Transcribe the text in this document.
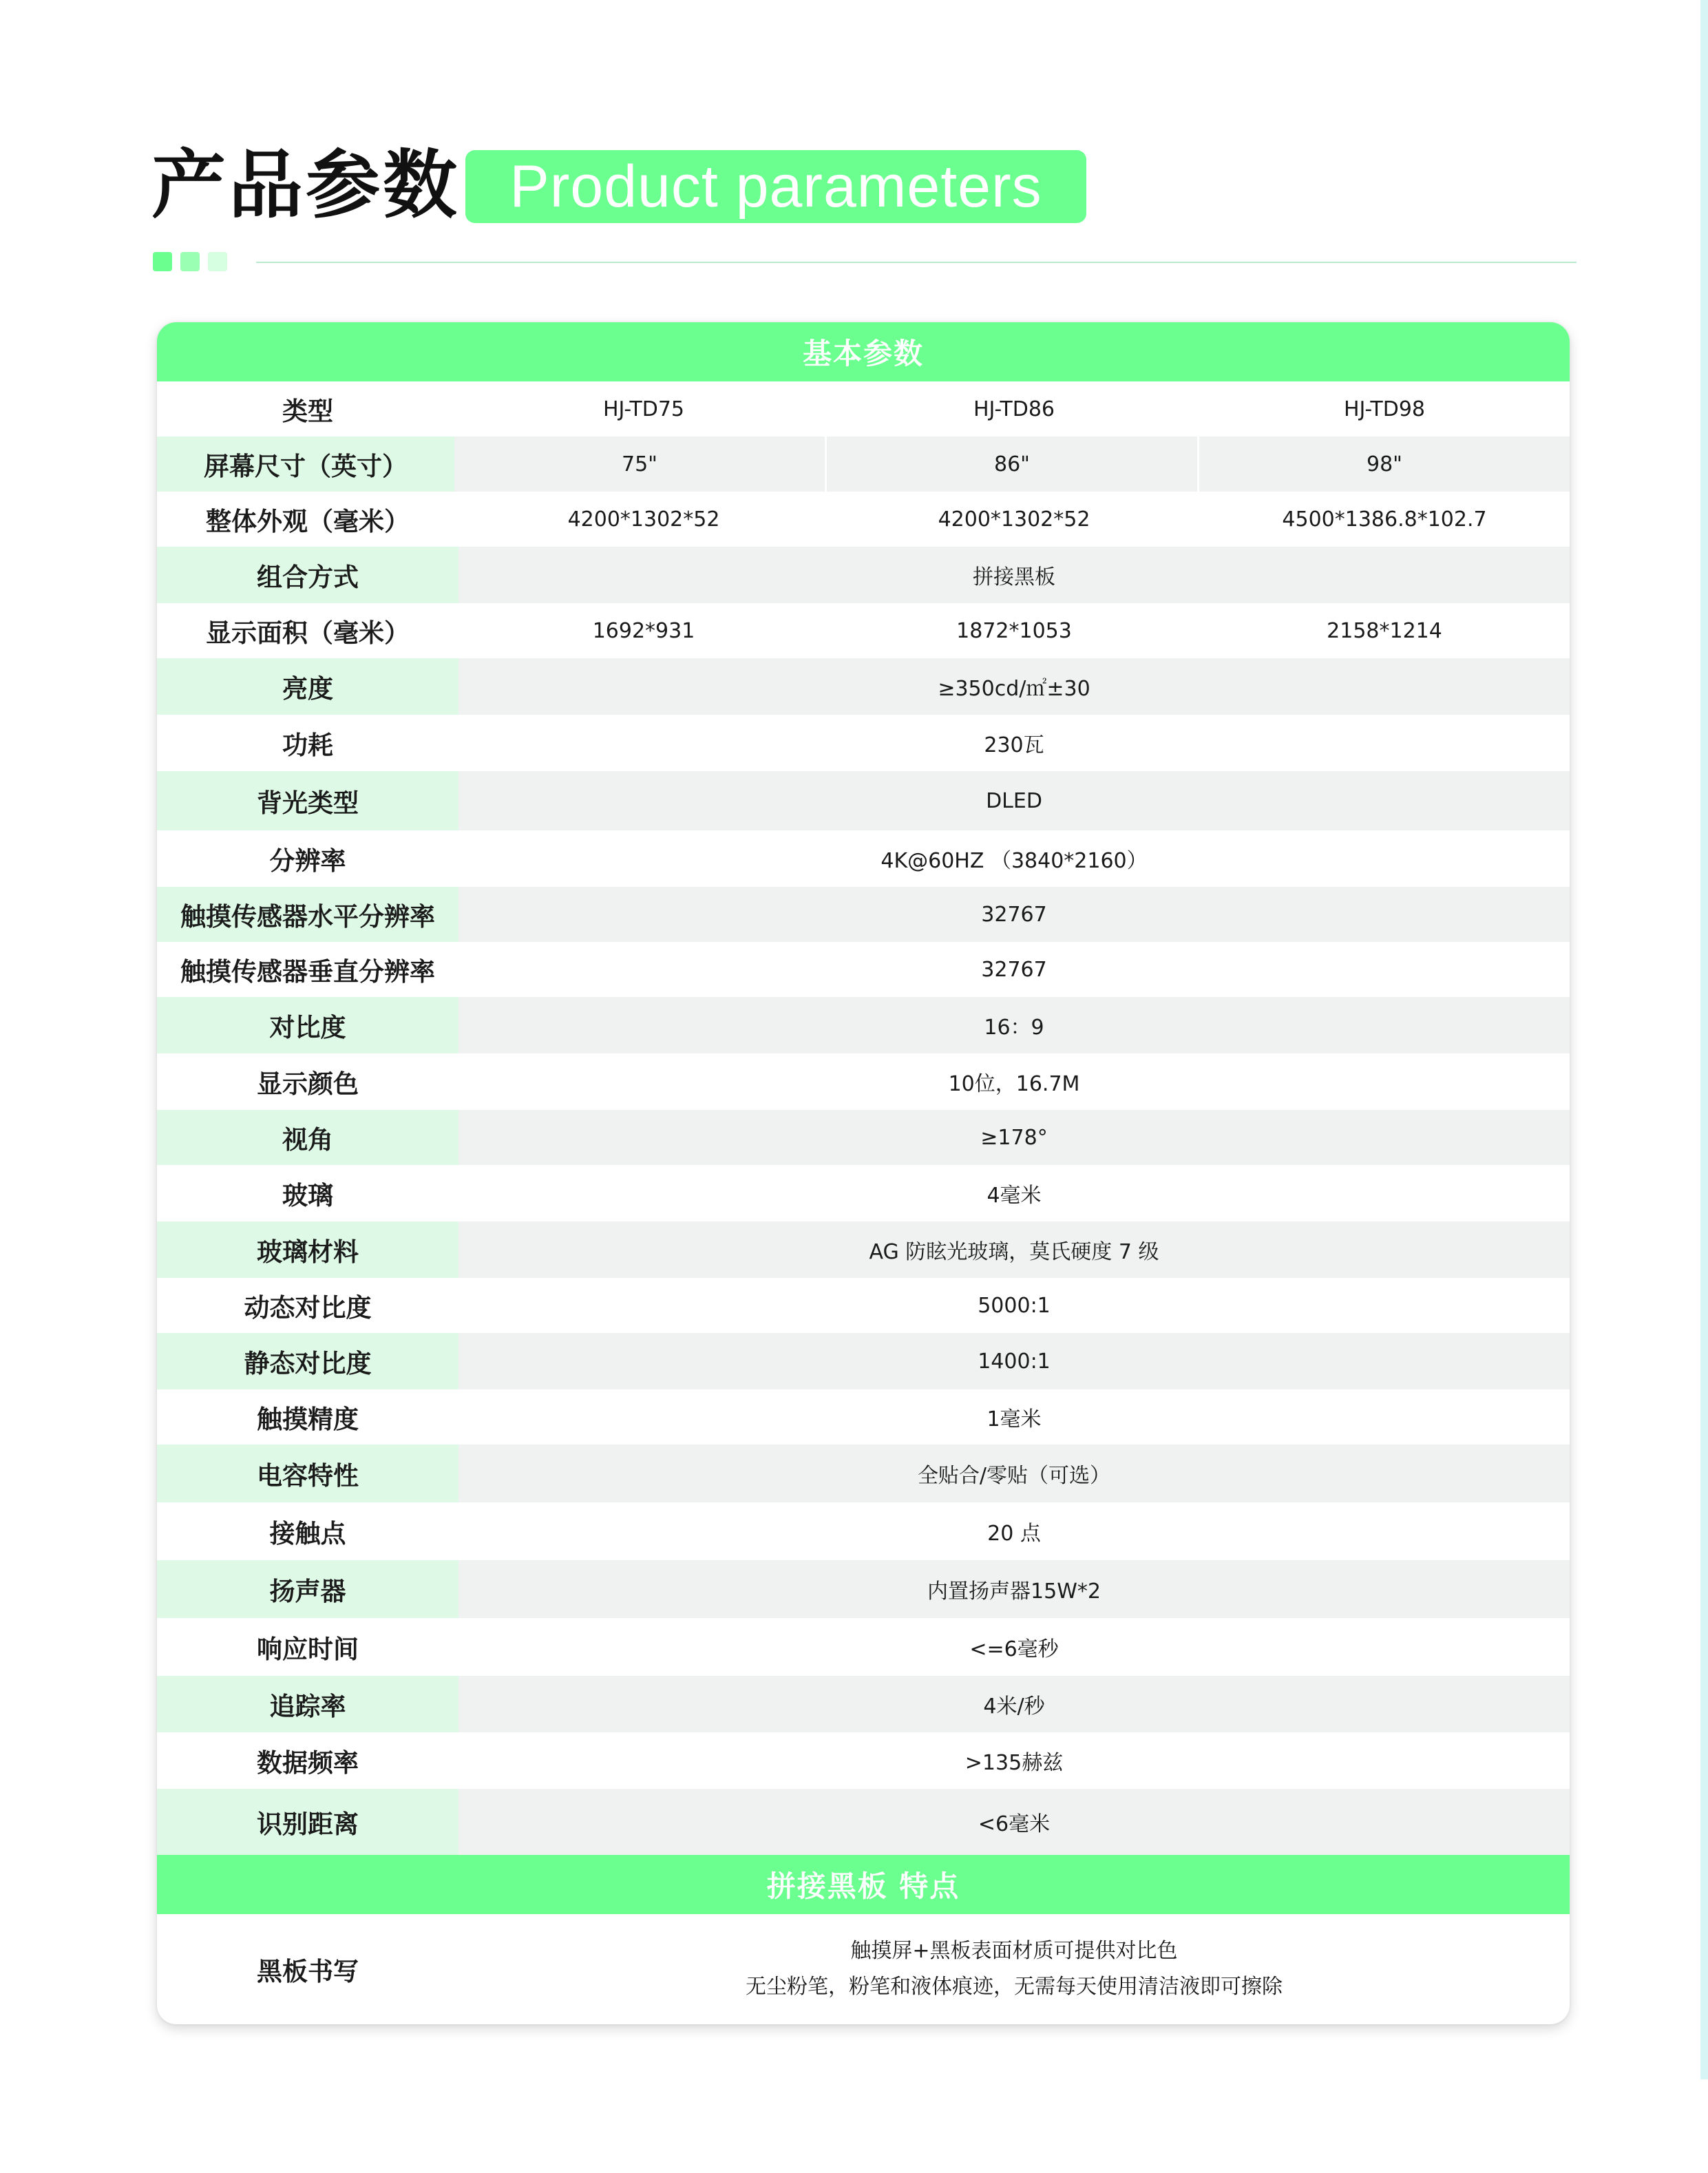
产品参数 Product parameters
基本参数
类型	HJ-TD75	HJ-TD86	HJ-TD98
屏幕尺寸（英寸）	75"	86"	98"
整体外观（毫米）	4200*1302*52	4200*1302*52	4500*1386.8*102.7
组合方式	拼接黑板
显示面积（毫米）	1692*931	1872*1053	2158*1214
亮度	≥350cd/㎡±30
功耗	230瓦
背光类型	DLED
分辨率	4K@60HZ （3840*2160）
触摸传感器水平分辨率	32767
触摸传感器垂直分辨率	32767
对比度	16：9
显示颜色	10位，16.7M
视角	≥178°
玻璃	4毫米
玻璃材料	AG 防眩光玻璃，莫氏硬度 7 级
动态对比度	5000:1
静态对比度	1400:1
触摸精度	1毫米
电容特性	全贴合/零贴（可选）
接触点	20 点
扬声器	内置扬声器15W*2
响应时间	<=6毫秒
追踪率	4米/秒
数据频率	>135赫兹
识别距离	<6毫米
拼接黑板 特点
黑板书写
触摸屏+黑板表面材质可提供对比色
无尘粉笔，粉笔和液体痕迹，无需每天使用清洁液即可擦除
